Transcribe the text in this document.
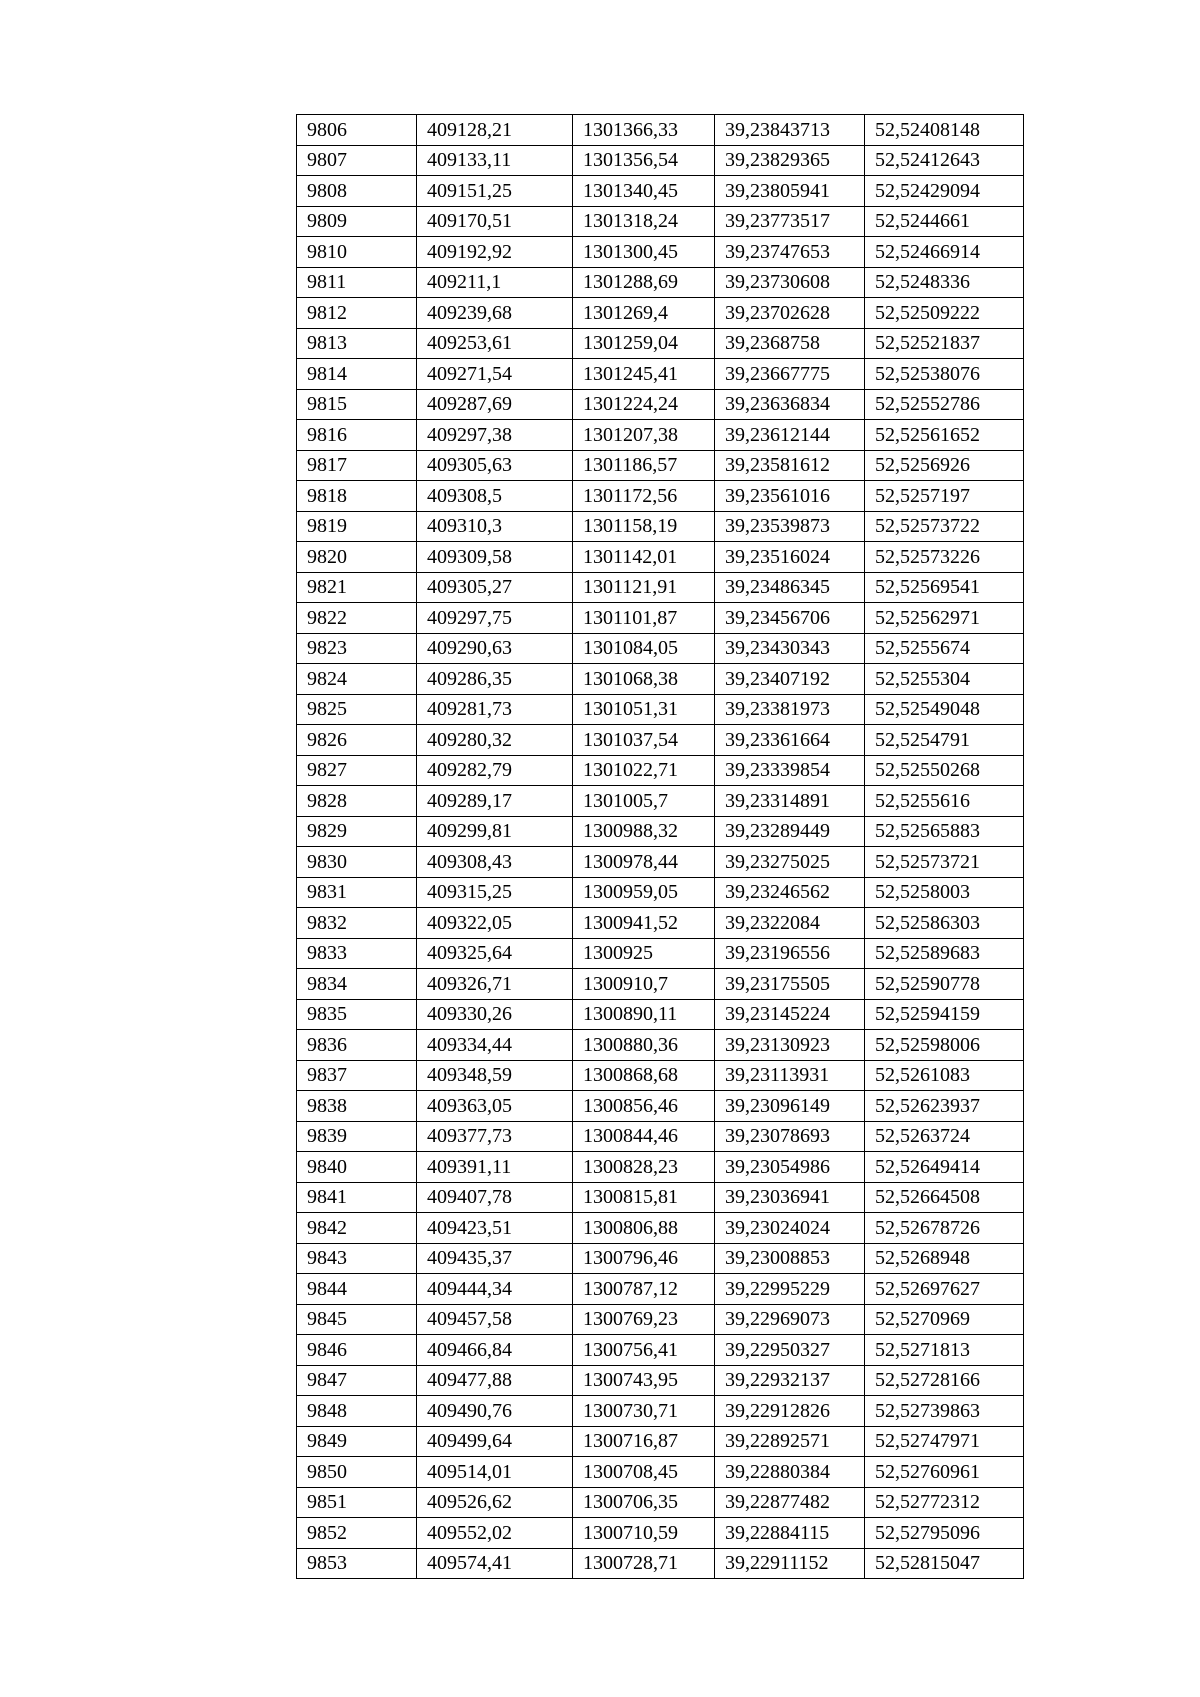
9806	409128,21	1301366,33	39,23843713	52,52408148
9807	409133,11	1301356,54	39,23829365	52,52412643
9808	409151,25	1301340,45	39,23805941	52,52429094
9809	409170,51	1301318,24	39,23773517	52,5244661
9810	409192,92	1301300,45	39,23747653	52,52466914
9811	409211,1	1301288,69	39,23730608	52,5248336
9812	409239,68	1301269,4	39,23702628	52,52509222
9813	409253,61	1301259,04	39,2368758	52,52521837
9814	409271,54	1301245,41	39,23667775	52,52538076
9815	409287,69	1301224,24	39,23636834	52,52552786
9816	409297,38	1301207,38	39,23612144	52,52561652
9817	409305,63	1301186,57	39,23581612	52,5256926
9818	409308,5	1301172,56	39,23561016	52,5257197
9819	409310,3	1301158,19	39,23539873	52,52573722
9820	409309,58	1301142,01	39,23516024	52,52573226
9821	409305,27	1301121,91	39,23486345	52,52569541
9822	409297,75	1301101,87	39,23456706	52,52562971
9823	409290,63	1301084,05	39,23430343	52,5255674
9824	409286,35	1301068,38	39,23407192	52,5255304
9825	409281,73	1301051,31	39,23381973	52,52549048
9826	409280,32	1301037,54	39,23361664	52,5254791
9827	409282,79	1301022,71	39,23339854	52,52550268
9828	409289,17	1301005,7	39,23314891	52,5255616
9829	409299,81	1300988,32	39,23289449	52,52565883
9830	409308,43	1300978,44	39,23275025	52,52573721
9831	409315,25	1300959,05	39,23246562	52,5258003
9832	409322,05	1300941,52	39,2322084	52,52586303
9833	409325,64	1300925	39,23196556	52,52589683
9834	409326,71	1300910,7	39,23175505	52,52590778
9835	409330,26	1300890,11	39,23145224	52,52594159
9836	409334,44	1300880,36	39,23130923	52,52598006
9837	409348,59	1300868,68	39,23113931	52,5261083
9838	409363,05	1300856,46	39,23096149	52,52623937
9839	409377,73	1300844,46	39,23078693	52,5263724
9840	409391,11	1300828,23	39,23054986	52,52649414
9841	409407,78	1300815,81	39,23036941	52,52664508
9842	409423,51	1300806,88	39,23024024	52,52678726
9843	409435,37	1300796,46	39,23008853	52,5268948
9844	409444,34	1300787,12	39,22995229	52,52697627
9845	409457,58	1300769,23	39,22969073	52,5270969
9846	409466,84	1300756,41	39,22950327	52,5271813
9847	409477,88	1300743,95	39,22932137	52,52728166
9848	409490,76	1300730,71	39,22912826	52,52739863
9849	409499,64	1300716,87	39,22892571	52,52747971
9850	409514,01	1300708,45	39,22880384	52,52760961
9851	409526,62	1300706,35	39,22877482	52,52772312
9852	409552,02	1300710,59	39,22884115	52,52795096
9853	409574,41	1300728,71	39,22911152	52,52815047
